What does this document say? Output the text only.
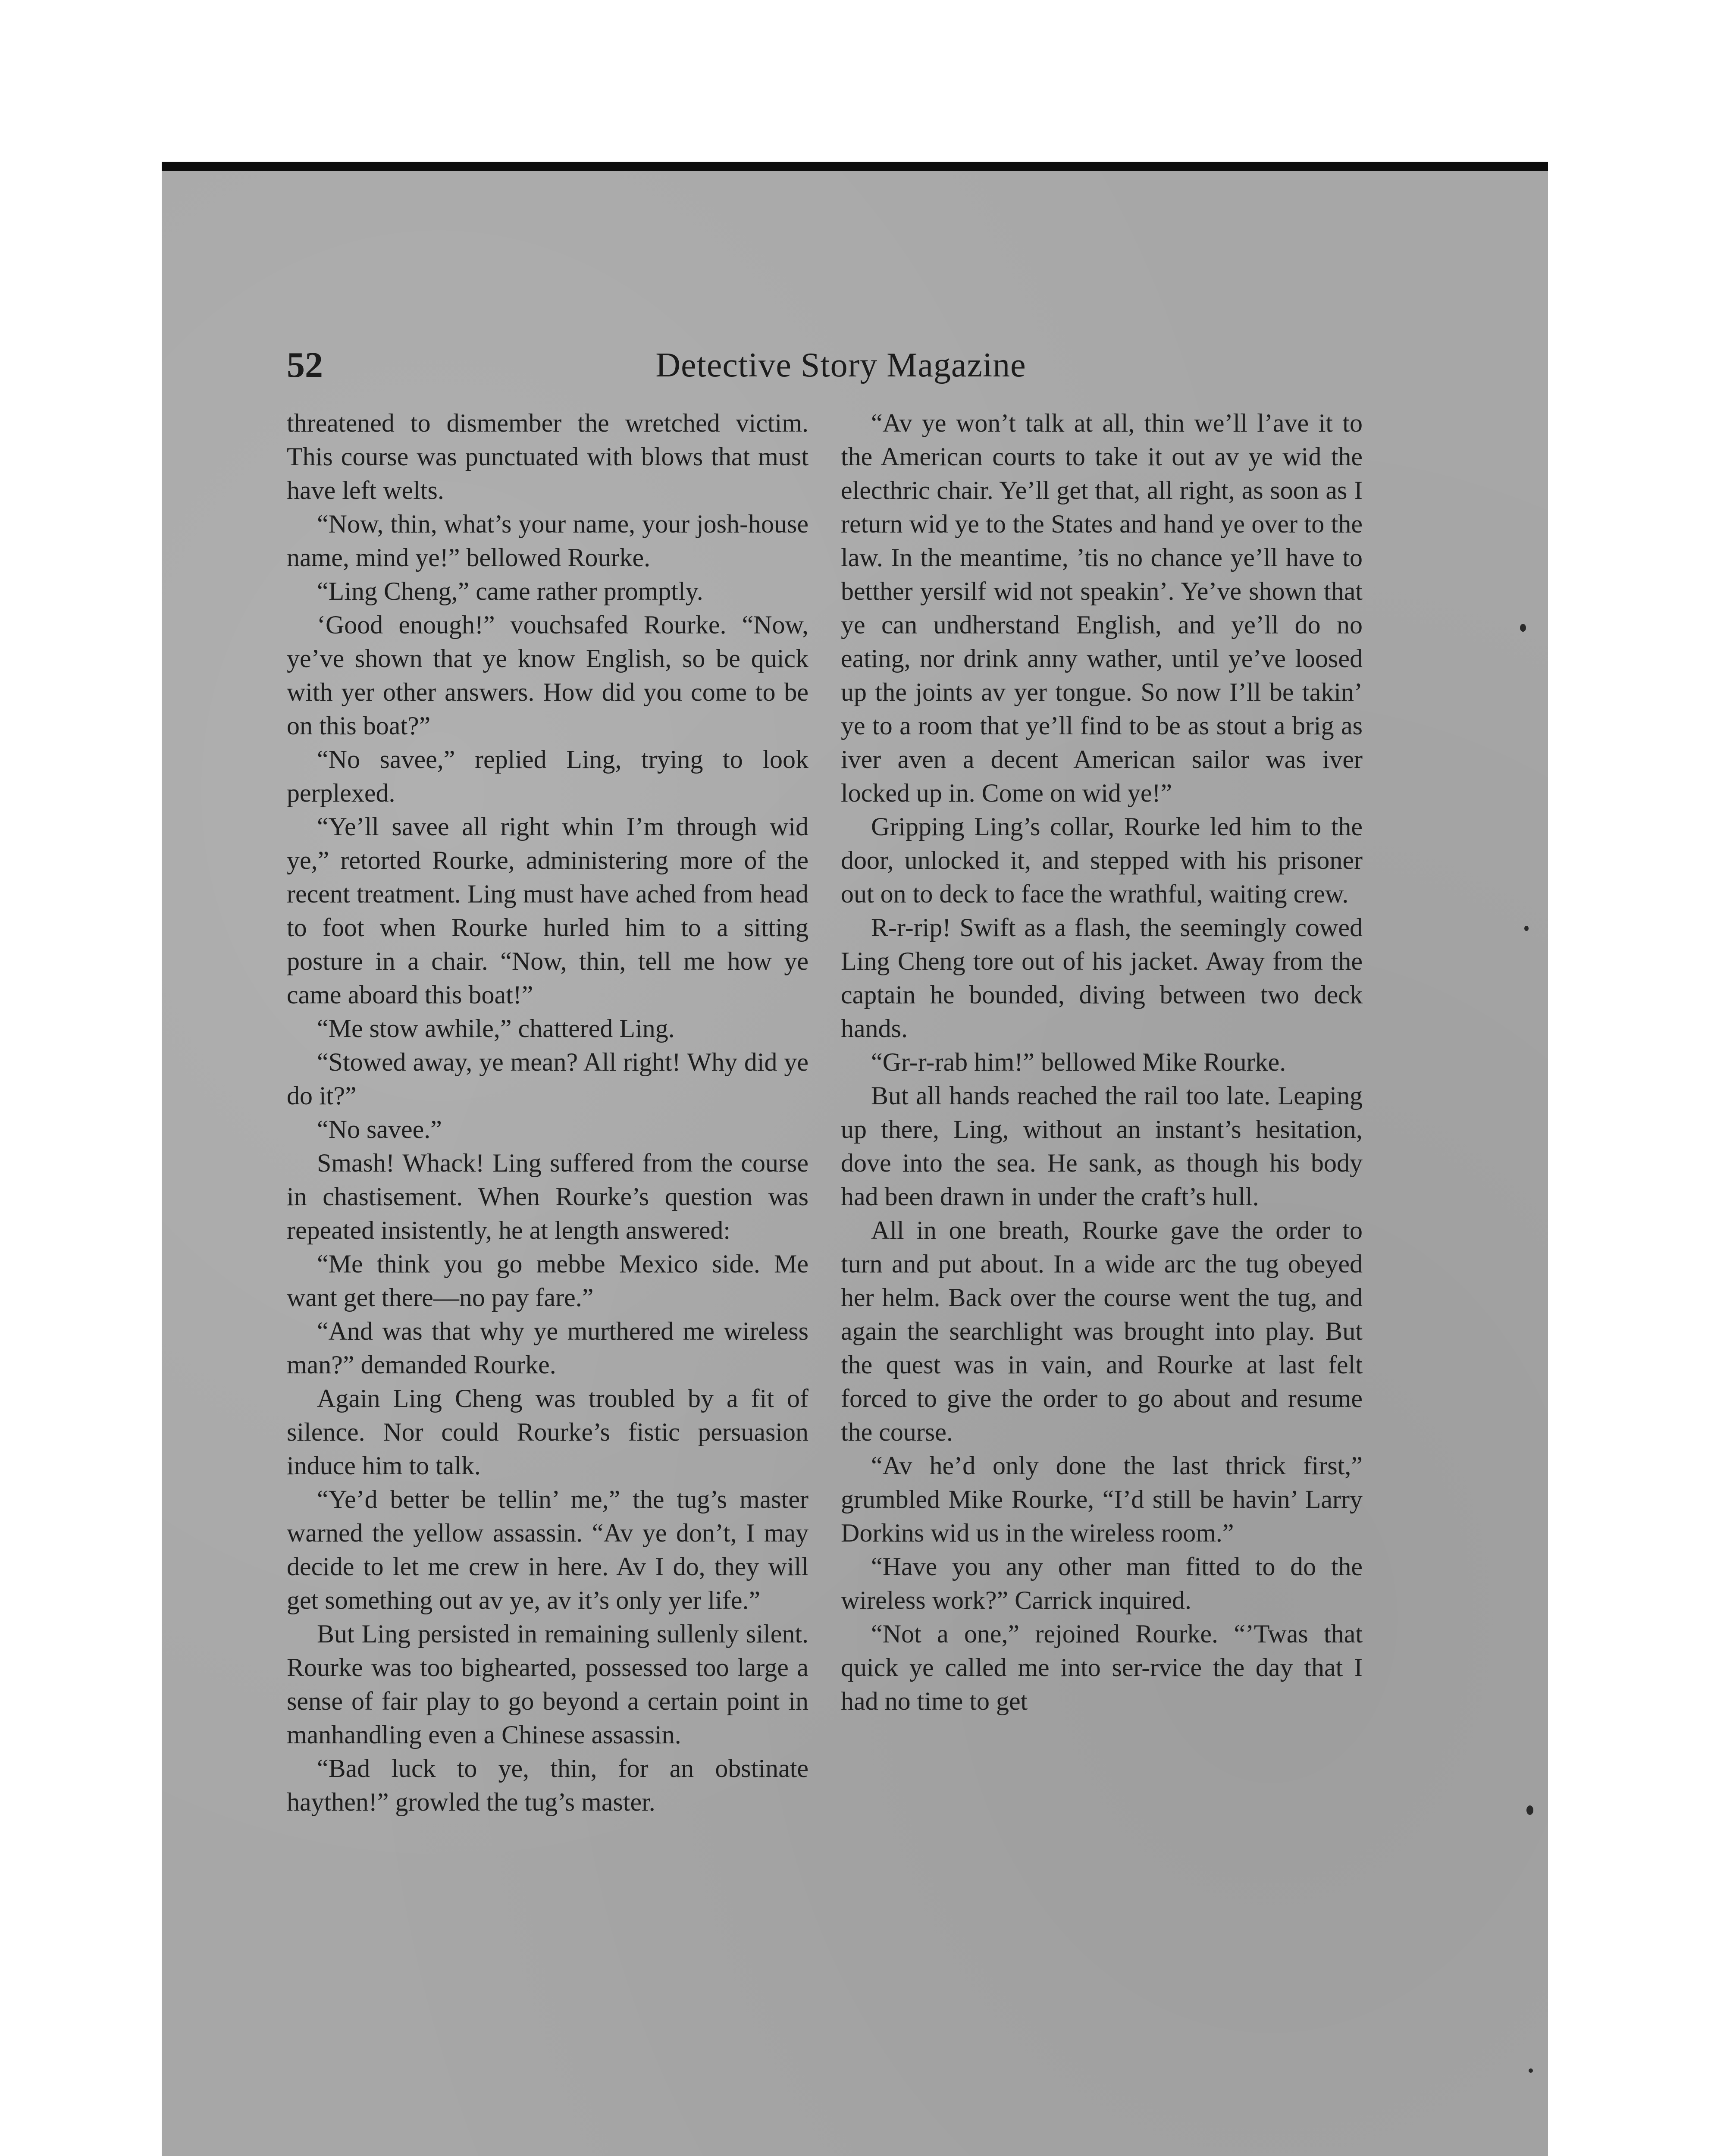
52	Detective Story Magazine

threatened to dismember the wretched victim. This course was punctuated with blows that must have left welts.

“Now, thin, what’s your name, your josh-house name, mind ye!” bellowed Rourke.

“Ling Cheng,” came rather promptly.

‘Good enough!” vouchsafed Rourke. “Now, ye’ve shown that ye know English, so be quick with yer other answers. How did you come to be on this boat?”

“No savee,” replied Ling, trying to look perplexed.

“Ye’ll savee all right whin I’m through wid ye,” retorted Rourke, administering more of the recent treatment. Ling must have ached from head to foot when Rourke hurled him to a sitting posture in a chair. “Now, thin, tell me how ye came aboard this boat!”

“Me stow awhile,” chattered Ling.

“Stowed away, ye mean? All right! Why did ye do it?”

“No savee.”

Smash! Whack! Ling suffered from the course in chastisement. When Rourke’s question was repeated insistently, he at length answered:

“Me think you go mebbe Mexico side. Me want get there—no pay fare.”

“And was that why ye murthered me wireless man?” demanded Rourke.

Again Ling Cheng was troubled by a fit of silence. Nor could Rourke’s fistic persuasion induce him to talk.

“Ye’d better be tellin’ me,” the tug’s master warned the yellow assassin. “Av ye don’t, I may decide to let me crew in here. Av I do, they will get something out av ye, av it’s only yer life.”

But Ling persisted in remaining sullenly silent. Rourke was too bighearted, possessed too large a sense of fair play to go beyond a certain point in manhandling even a Chinese assassin.

“Bad luck to ye, thin, for an obstinate haythen!” growled the tug’s master.

“Av ye won’t talk at all, thin we’ll l’ave it to the American courts to take it out av ye wid the electhric chair. Ye’ll get that, all right, as soon as I return wid ye to the States and hand ye over to the law. In the meantime, ’tis no chance ye’ll have to betther yersilf wid not speakin’. Ye’ve shown that ye can undherstand English, and ye’ll do no eating, nor drink anny wather, until ye’ve loosed up the joints av yer tongue. So now I’ll be takin’ ye to a room that ye’ll find to be as stout a brig as iver aven a decent American sailor was iver locked up in. Come on wid ye!”

Gripping Ling’s collar, Rourke led him to the door, unlocked it, and stepped with his prisoner out on to deck to face the wrathful, waiting crew.

R-r-rip! Swift as a flash, the seemingly cowed Ling Cheng tore out of his jacket. Away from the captain he bounded, diving between two deck hands.

“Gr-r-rab him!” bellowed Mike Rourke.

But all hands reached the rail too late. Leaping up there, Ling, without an instant’s hesitation, dove into the sea. He sank, as though his body had been drawn in under the craft’s hull.

All in one breath, Rourke gave the order to turn and put about. In a wide arc the tug obeyed her helm. Back over the course went the tug, and again the searchlight was brought into play. But the quest was in vain, and Rourke at last felt forced to give the order to go about and resume the course.

“Av he’d only done the last thrick first,” grumbled Mike Rourke, “I’d still be havin’ Larry Dorkins wid us in the wireless room.”

“Have you any other man fitted to do the wireless work?” Carrick inquired.

“Not a one,” rejoined Rourke. “’Twas that quick ye called me into ser-rvice the day that I had no time to get
